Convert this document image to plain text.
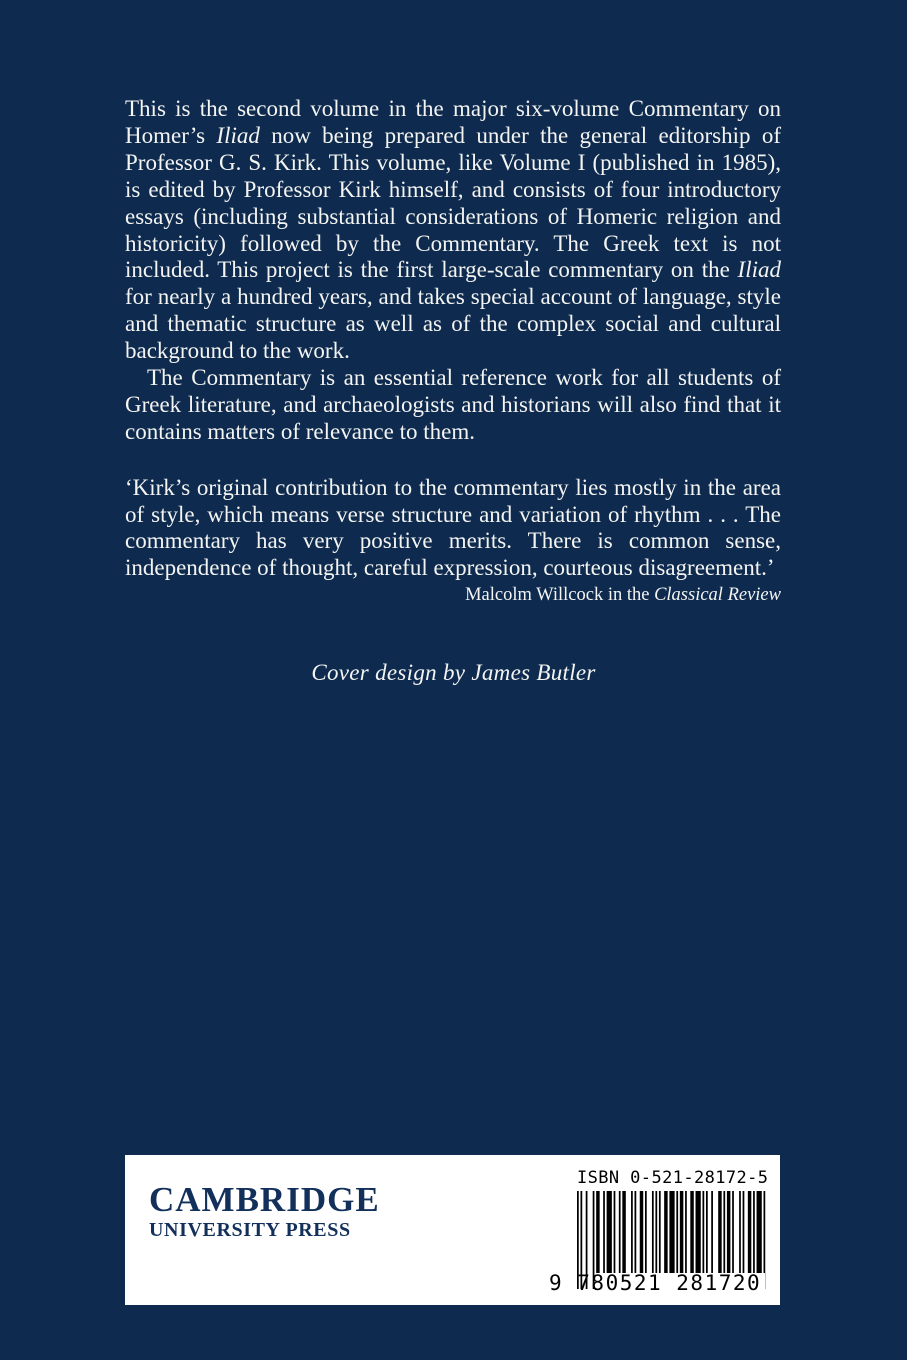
This is the second volume in the major six-volume Commentary on Homer’s Iliad now being prepared under the general editorship of Professor G. S. Kirk. This volume, like Volume I (published in 1985), is edited by Professor Kirk himself, and consists of four introductory essays (including substantial considerations of Homeric religion and historicity) followed by the Commentary. The Greek text is not included. This project is the first large-scale commentary on the Iliad for nearly a hundred years, and takes special account of language, style and thematic structure as well as of the complex social and cultural background to the work.

The Commentary is an essential reference work for all students of Greek literature, and archaeologists and historians will also find that it contains matters of relevance to them.

‘Kirk’s original contribution to the commentary lies mostly in the area of style, which means verse structure and variation of rhythm . . . The commentary has very positive merits. There is common sense, independence of thought, careful expression, courteous disagreement.’
Malcolm Willcock in the Classical Review
Cover design by James Butler
CAMBRIDGE
UNIVERSITY PRESS
ISBN 0-521-28172-5
9 780521 281720
